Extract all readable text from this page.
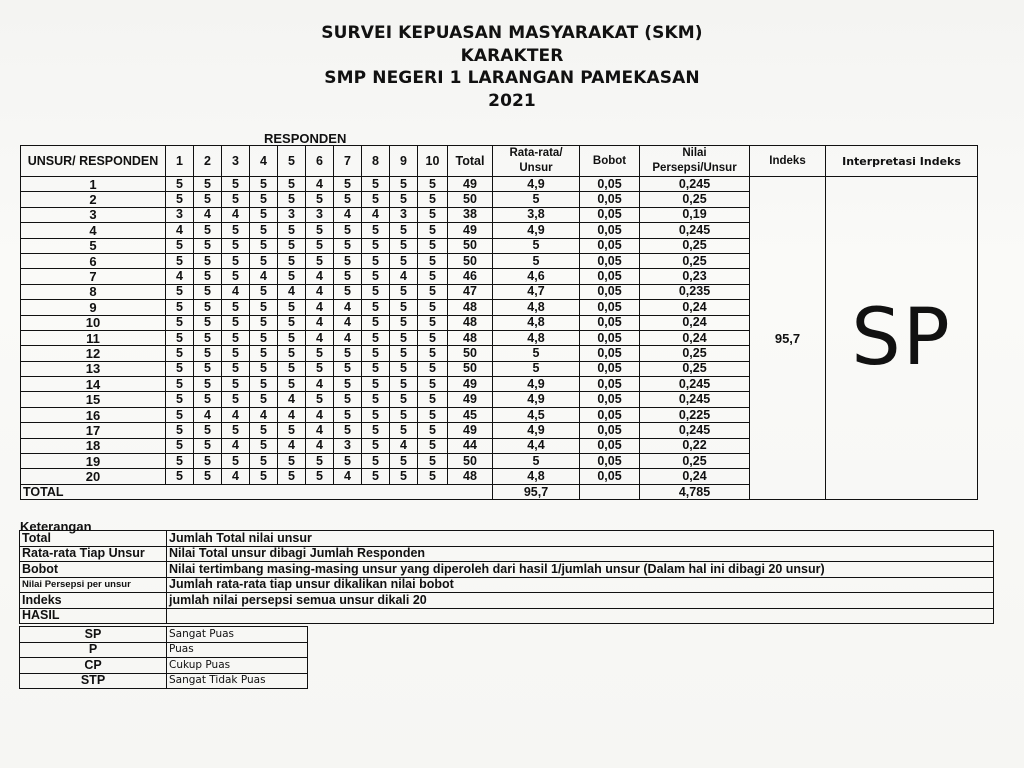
SURVEI KEPUASAN MASYARAKAT (SKM)
KARAKTER
SMP NEGERI 1 LARANGAN PAMEKASAN
2021
RESPONDEN
UNSUR/ RESPONDEN	1	2	3	4	5	6	7	8	9	10	Total	Rata-rata/ Unsur	Bobot	Nilai Persepsi/Unsur	Indeks	Interpretasi Indeks
1	5	5	5	5	5	4	5	5	5	5	49	4,9	0,05	0,245	95,7	SP
2	5	5	5	5	5	5	5	5	5	5	50	5	0,05	0,25		
3	3	4	4	5	3	3	4	4	3	5	38	3,8	0,05	0,19		
4	4	5	5	5	5	5	5	5	5	5	49	4,9	0,05	0,245		
5	5	5	5	5	5	5	5	5	5	5	50	5	0,05	0,25		
6	5	5	5	5	5	5	5	5	5	5	50	5	0,05	0,25		
7	4	5	5	4	5	4	5	5	4	5	46	4,6	0,05	0,23		
8	5	5	4	5	4	4	5	5	5	5	47	4,7	0,05	0,235		
9	5	5	5	5	5	4	4	5	5	5	48	4,8	0,05	0,24		
10	5	5	5	5	5	4	4	5	5	5	48	4,8	0,05	0,24		
11	5	5	5	5	5	4	4	5	5	5	48	4,8	0,05	0,24		
12	5	5	5	5	5	5	5	5	5	5	50	5	0,05	0,25		
13	5	5	5	5	5	5	5	5	5	5	50	5	0,05	0,25		
14	5	5	5	5	5	4	5	5	5	5	49	4,9	0,05	0,245		
15	5	5	5	5	4	5	5	5	5	5	49	4,9	0,05	0,245		
16	5	4	4	4	4	4	5	5	5	5	45	4,5	0,05	0,225		
17	5	5	5	5	5	4	5	5	5	5	49	4,9	0,05	0,245		
18	5	5	4	5	4	4	3	5	4	5	44	4,4	0,05	0,22		
19	5	5	5	5	5	5	5	5	5	5	50	5	0,05	0,25		
20	5	5	4	5	5	5	4	5	5	5	48	4,8	0,05	0,24		
TOTAL												95,7		4,785		
Keterangan
Total	Jumlah Total nilai unsur
Rata-rata Tiap Unsur	Nilai Total unsur dibagi Jumlah Responden
Bobot	Nilai tertimbang masing-masing unsur yang diperoleh dari hasil 1/jumlah unsur (Dalam hal ini dibagi 20 unsur)
Nilai Persepsi per unsur	Jumlah rata-rata tiap unsur dikalikan nilai bobot
Indeks	jumlah nilai persepsi semua unsur dikali 20
HASIL	
SP	Sangat Puas
P	Puas
CP	Cukup Puas
STP	Sangat Tidak Puas
